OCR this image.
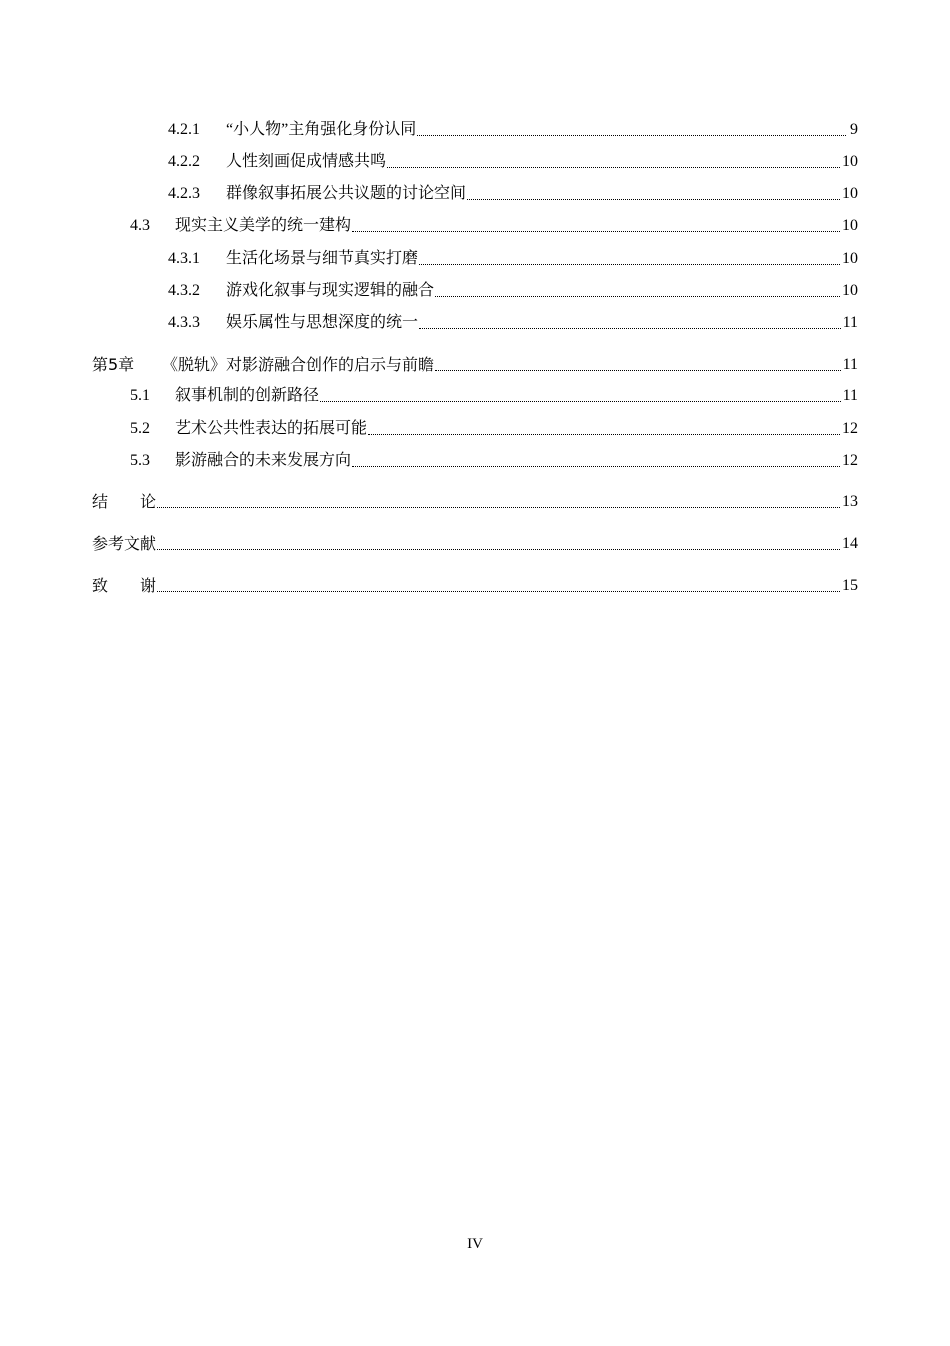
4.2.1	“小人物”主角强化身份认同	9
4.2.2	人性刻画促成情感共鸣	10
4.2.3	群像叙事拓展公共议题的讨论空间	10
4.3	现实主义美学的统一建构	10
4.3.1	生活化场景与细节真实打磨	10
4.3.2	游戏化叙事与现实逻辑的融合	10
4.3.3	娱乐属性与思想深度的统一	11
第5章	《脱轨》对影游融合创作的启示与前瞻	11
5.1	叙事机制的创新路径	11
5.2	艺术公共性表达的拓展可能	12
5.3	影游融合的未来发展方向	12
结　　论	13
参考文献	14
致　　谢	15
IV
